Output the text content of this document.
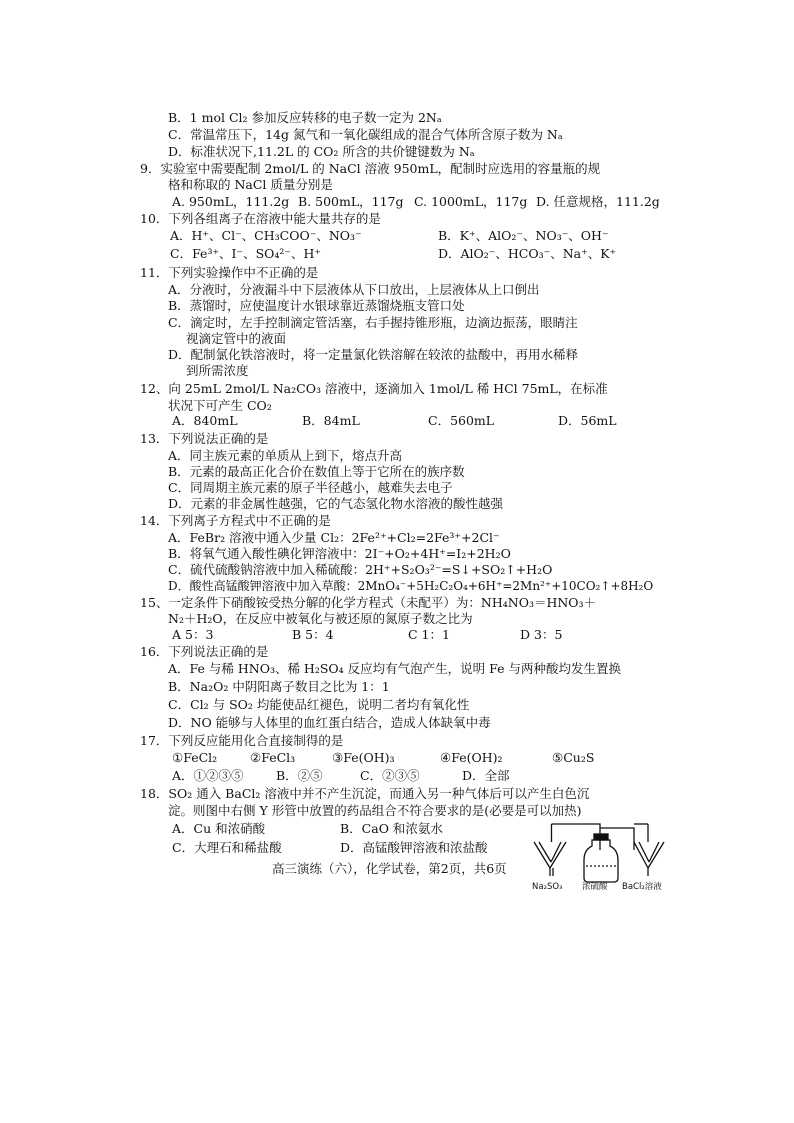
B．1 mol Cl₂ 参加反应转移的电子数一定为 2Nₐ
C．常温常压下，14g 氮气和一氧化碳组成的混合气体所含原子数为 Nₐ
D．标准状况下,11.2L 的 CO₂ 所含的共价键键数为 Nₐ
9．实验室中需要配制 2mol/L 的 NaCl 溶液 950mL，配制时应选用的容量瓶的规
格和称取的 NaCl 质量分别是
A. 950mL，111.2g B. 500mL，117g C. 1000mL，117g D. 任意规格，111.2g
10．下列各组离子在溶液中能大量共存的是
A．H⁺、Cl⁻、CH₃COO⁻、NO₃⁻	B．K⁺、AlO₂⁻、NO₃⁻、OH⁻
C．Fe³⁺、I⁻、SO₄²⁻、H⁺	D．AlO₂⁻、HCO₃⁻、Na⁺、K⁺
11．下列实验操作中不正确的是
A．分液时，分液漏斗中下层液体从下口放出，上层液体从上口倒出
B．蒸馏时，应使温度计水银球靠近蒸馏烧瓶支管口处
C．滴定时，左手控制滴定管活塞，右手握持锥形瓶，边滴边振荡，眼睛注
视滴定管中的液面
D．配制氯化铁溶液时，将一定量氯化铁溶解在较浓的盐酸中，再用水稀释
到所需浓度
12、向 25mL 2mol/L Na₂CO₃ 溶液中，逐滴加入 1mol/L 稀 HCl 75mL，在标准
状况下可产生 CO₂
A．840mL	B．84mL	C．560mL	D．56mL
13．下列说法正确的是
A．同主族元素的单质从上到下，熔点升高
B．元素的最高正化合价在数值上等于它所在的族序数
C．同周期主族元素的原子半径越小，越难失去电子
D．元素的非金属性越强，它的气态氢化物水溶液的酸性越强
14．下列离子方程式中不正确的是
A．FeBr₂ 溶液中通入少量 Cl₂：2Fe²⁺+Cl₂=2Fe³⁺+2Cl⁻
B．将氧气通入酸性碘化钾溶液中：2I⁻+O₂+4H⁺=I₂+2H₂O
C．硫代硫酸钠溶液中加入稀硫酸：2H⁺+S₂O₃²⁻=S↓+SO₂↑+H₂O
D．酸性高锰酸钾溶液中加入草酸：2MnO₄⁻+5H₂C₂O₄+6H⁺=2Mn²⁺+10CO₂↑+8H₂O
15、一定条件下硝酸铵受热分解的化学方程式（未配平）为：NH₄NO₃＝HNO₃＋
N₂＋H₂O，在反应中被氧化与被还原的氮原子数之比为
A 5：3	B 5：4	C 1：1	D 3：5
16．下列说法正确的是
A．Fe 与稀 HNO₃、稀 H₂SO₄ 反应均有气泡产生，说明 Fe 与两种酸均发生置换
B．Na₂O₂ 中阴阳离子数目之比为 1：1
C．Cl₂ 与 SO₂ 均能使品红褪色，说明二者均有氧化性
D．NO 能够与人体里的血红蛋白结合，造成人体缺氧中毒
17．下列反应能用化合直接制得的是
①FeCl₂	②FeCl₃	③Fe(OH)₃	④Fe(OH)₂	⑤Cu₂S
A．①②③⑤	B．②⑤	C．②③⑤	D．全部
18．SO₂ 通入 BaCl₂ 溶液中并不产生沉淀，而通入另一种气体后可以产生白色沉
淀。则图中右侧 Y 形管中放置的药品组合不符合要求的是(必要是可以加热)
A．Cu 和浓硝酸	B．CaO 和浓氨水
C．大理石和稀盐酸	D．高锰酸钾溶液和浓盐酸
高三演练（六），化学试卷，第2页，共6页
Na₂SO₃ 浓硫酸 BaCl₂溶液
